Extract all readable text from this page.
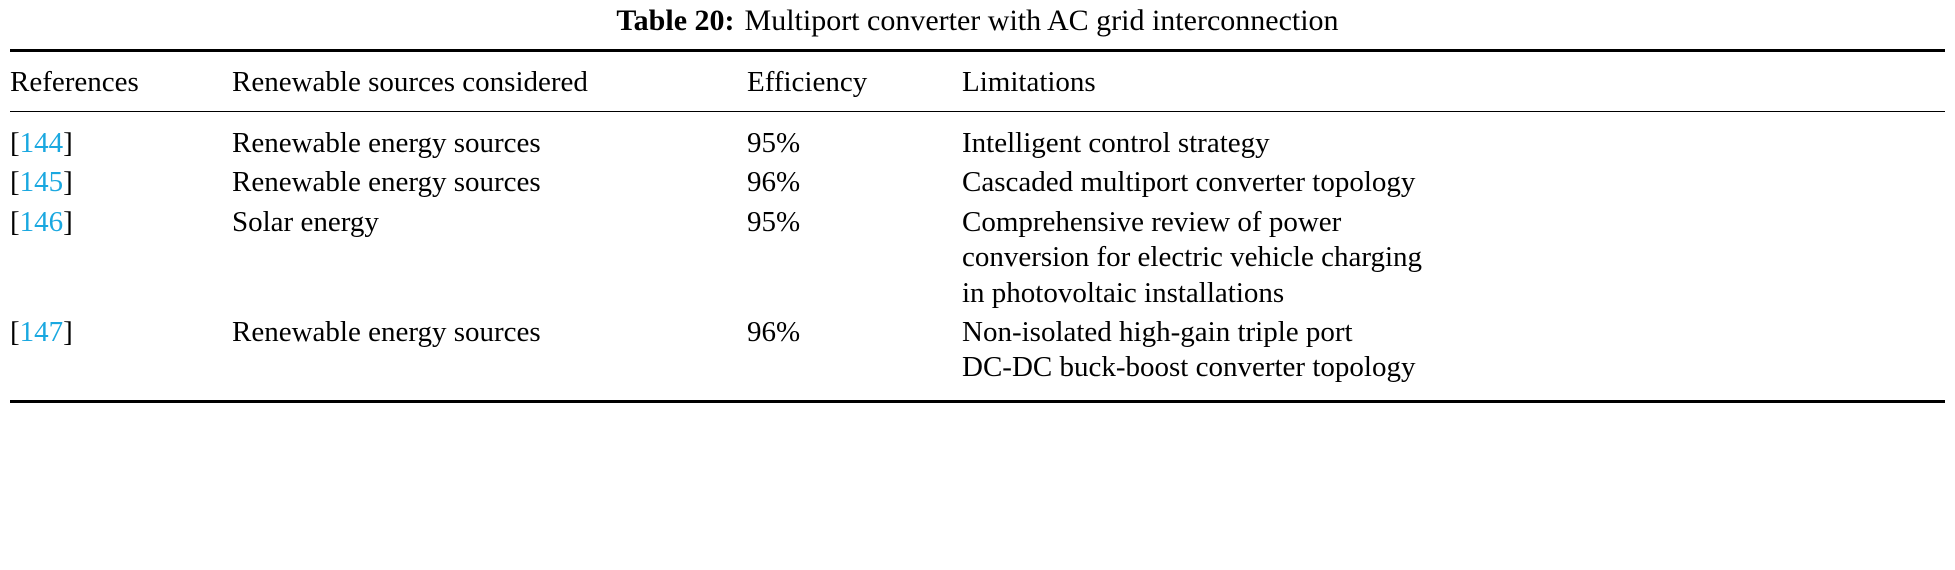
Table 20: Multiport converter with AC grid interconnection
References	Renewable sources considered	Efficiency	Limitations
[144]	Renewable energy sources	95%	Intelligent control strategy

[145]	Renewable energy sources	96%	Cascaded multiport converter topology

[146]	Solar energy	95%	Comprehensive review of power
conversion for electric vehicle charging
in photovoltaic installations

[147]	Renewable energy sources	96%	Non-isolated high-gain triple port
DC-DC buck-boost converter topology
